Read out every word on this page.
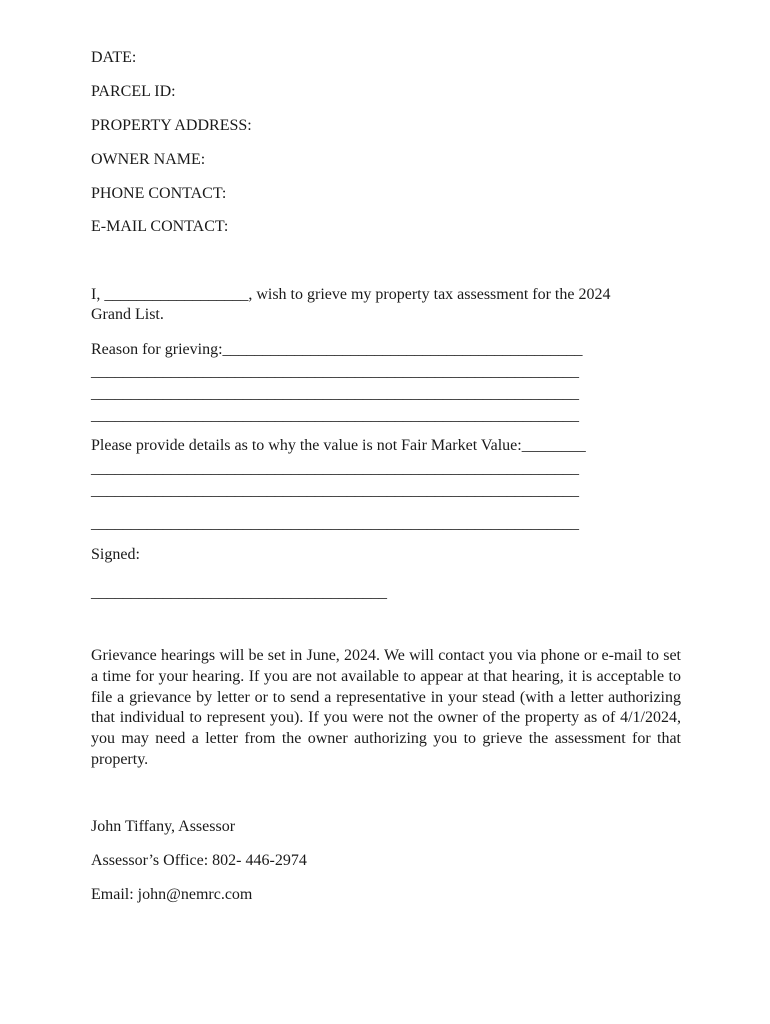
DATE:
PARCEL ID:
PROPERTY ADDRESS:
OWNER NAME:
PHONE CONTACT:
E-MAIL CONTACT:
I, __________________, wish to grieve my property tax assessment for the 2024
Grand List.
Reason for grieving:_____________________________________________
_____________________________________________________________
_____________________________________________________________
_____________________________________________________________
Please provide details as to why the value is not Fair Market Value:________
_____________________________________________________________
_____________________________________________________________
_____________________________________________________________
Signed:
_____________________________________
Grievance hearings will be set in June, 2024. We will contact you via phone or e-mail to set a time for your hearing. If you are not available to appear at that hearing, it is acceptable to file a grievance by letter or to send a representative in your stead (with a letter authorizing that individual to represent you). If you were not the owner of the property as of 4/1/2024, you may need a letter from the owner authorizing you to grieve the assessment for that property.
John Tiffany, Assessor
Assessor’s Office: 802- 446-2974
Email: john@nemrc.com
